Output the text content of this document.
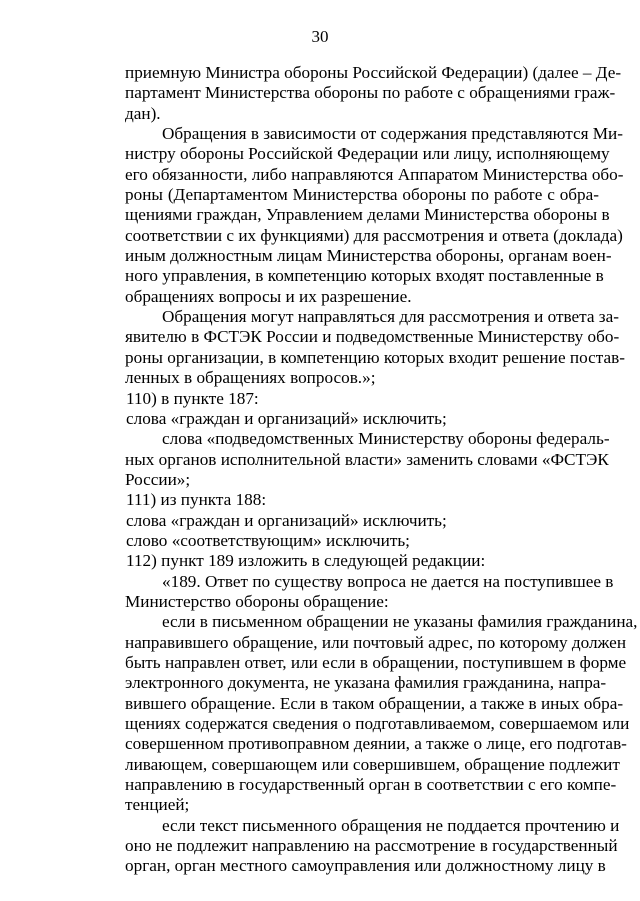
30
приемную Министра обороны Российской Федерации) (далее – Де-
партамент Министерства обороны по работе с обращениями граж-
дан).
Обращения в зависимости от содержания представляются Ми-
нистру обороны Российской Федерации или лицу, исполняющему
его обязанности, либо направляются Аппаратом Министерства обо-
роны (Департаментом Министерства обороны по работе с обра-
щениями граждан, Управлением делами Министерства обороны в
соответствии с их функциями) для рассмотрения и ответа (доклада)
иным должностным лицам Министерства обороны, органам воен-
ного управления, в компетенцию которых входят поставленные в
обращениях вопросы и их разрешение.
Обращения могут направляться для рассмотрения и ответа за-
явителю в ФСТЭК России и подведомственные Министерству обо-
роны организации, в компетенцию которых входит решение постав-
ленных в обращениях вопросов.»;
110) в пункте 187:
слова «граждан и организаций» исключить;
слова «подведомственных Министерству обороны федераль-
ных органов исполнительной власти» заменить словами «ФСТЭК
России»;
111) из пункта 188:
слова «граждан и организаций» исключить;
слово «соответствующим» исключить;
112) пункт 189 изложить в следующей редакции:
«189. Ответ по существу вопроса не дается на поступившее в
Министерство обороны обращение:
если в письменном обращении не указаны фамилия гражданина,
направившего обращение, или почтовый адрес, по которому должен
быть направлен ответ, или если в обращении, поступившем в форме
электронного документа, не указана фамилия гражданина, напра-
вившего обращение. Если в таком обращении, а также в иных обра-
щениях содержатся сведения о подготавливаемом, совершаемом или
совершенном противоправном деянии, а также о лице, его подготав-
ливающем, совершающем или совершившем, обращение подлежит
направлению в государственный орган в соответствии с его компе-
тенцией;
если текст письменного обращения не поддается прочтению и
оно не подлежит направлению на рассмотрение в государственный
орган, орган местного самоуправления или должностному лицу в
